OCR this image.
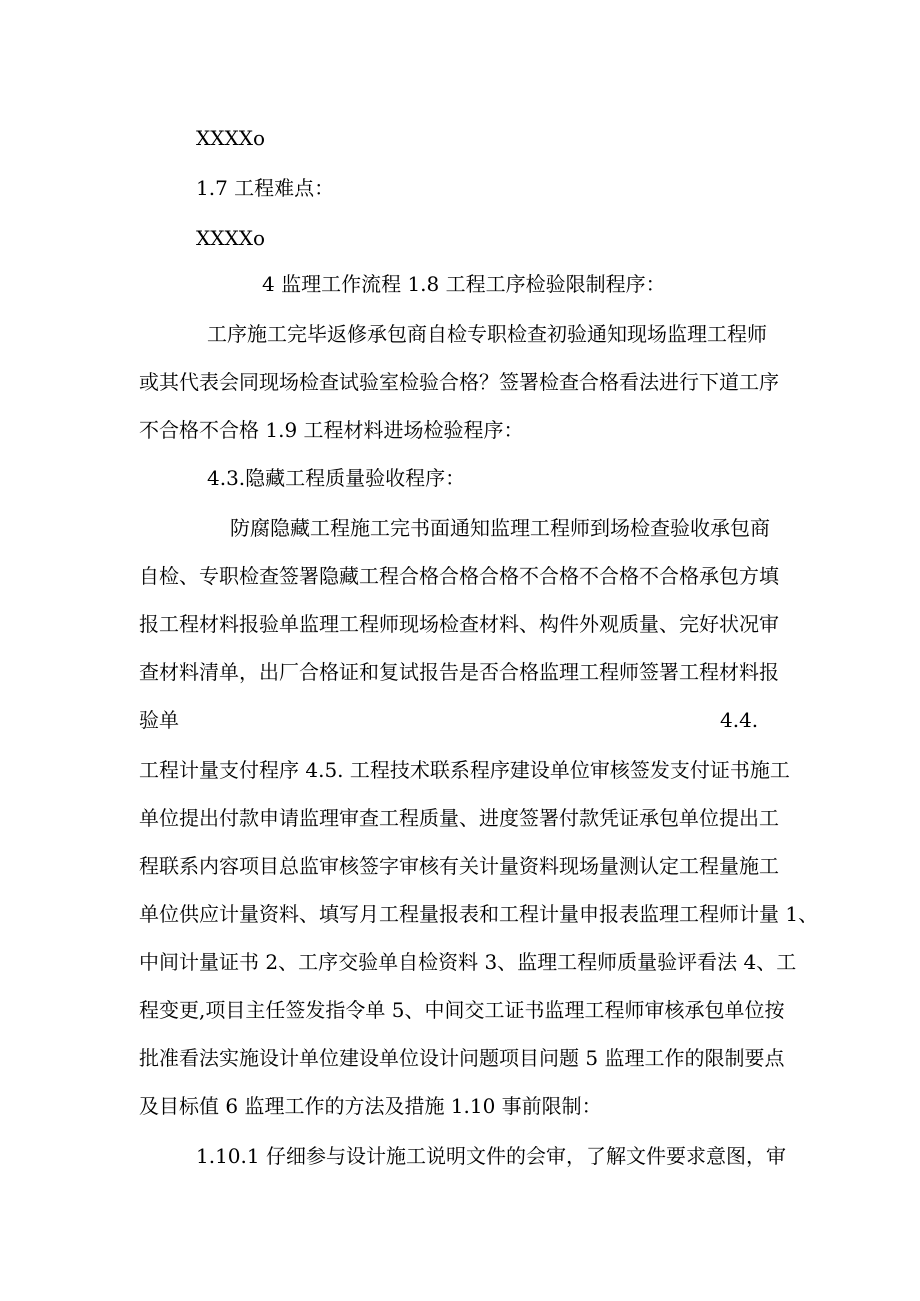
XXXXo
1.7 工程难点：
XXXXo
4 监理工作流程 1.8 工程工序检验限制程序：
工序施工完毕返修承包商自检专职检查初验通知现场监理工程师
或其代表会同现场检查试验室检验合格？签署检查合格看法进行下道工序
不合格不合格 1.9 工程材料进场检验程序：
4.3.隐藏工程质量验收程序：
防腐隐藏工程施工完书面通知监理工程师到场检查验收承包商
自检、专职检查签署隐藏工程合格合格合格不合格不合格不合格承包方填
报工程材料报验单监理工程师现场检查材料、构件外观质量、完好状况审
查材料清单，出厂合格证和复试报告是否合格监理工程师签署工程材料报
验单	4.4.
工程计量支付程序 4.5. 工程技术联系程序建设单位审核签发支付证书施工
单位提出付款申请监理审查工程质量、进度签署付款凭证承包单位提出工
程联系内容项目总监审核签字审核有关计量资料现场量测认定工程量施工
单位供应计量资料、填写月工程量报表和工程计量申报表监理工程师计量 1、
中间计量证书 2、工序交验单自检资料 3、监理工程师质量验评看法 4、工
程变更,项目主任签发指令单 5、中间交工证书监理工程师审核承包单位按
批准看法实施设计单位建设单位设计问题项目问题 5 监理工作的限制要点
及目标值 6 监理工作的方法及措施 1.10 事前限制：
1.10.1 仔细参与设计施工说明文件的会审，了解文件要求意图，审
